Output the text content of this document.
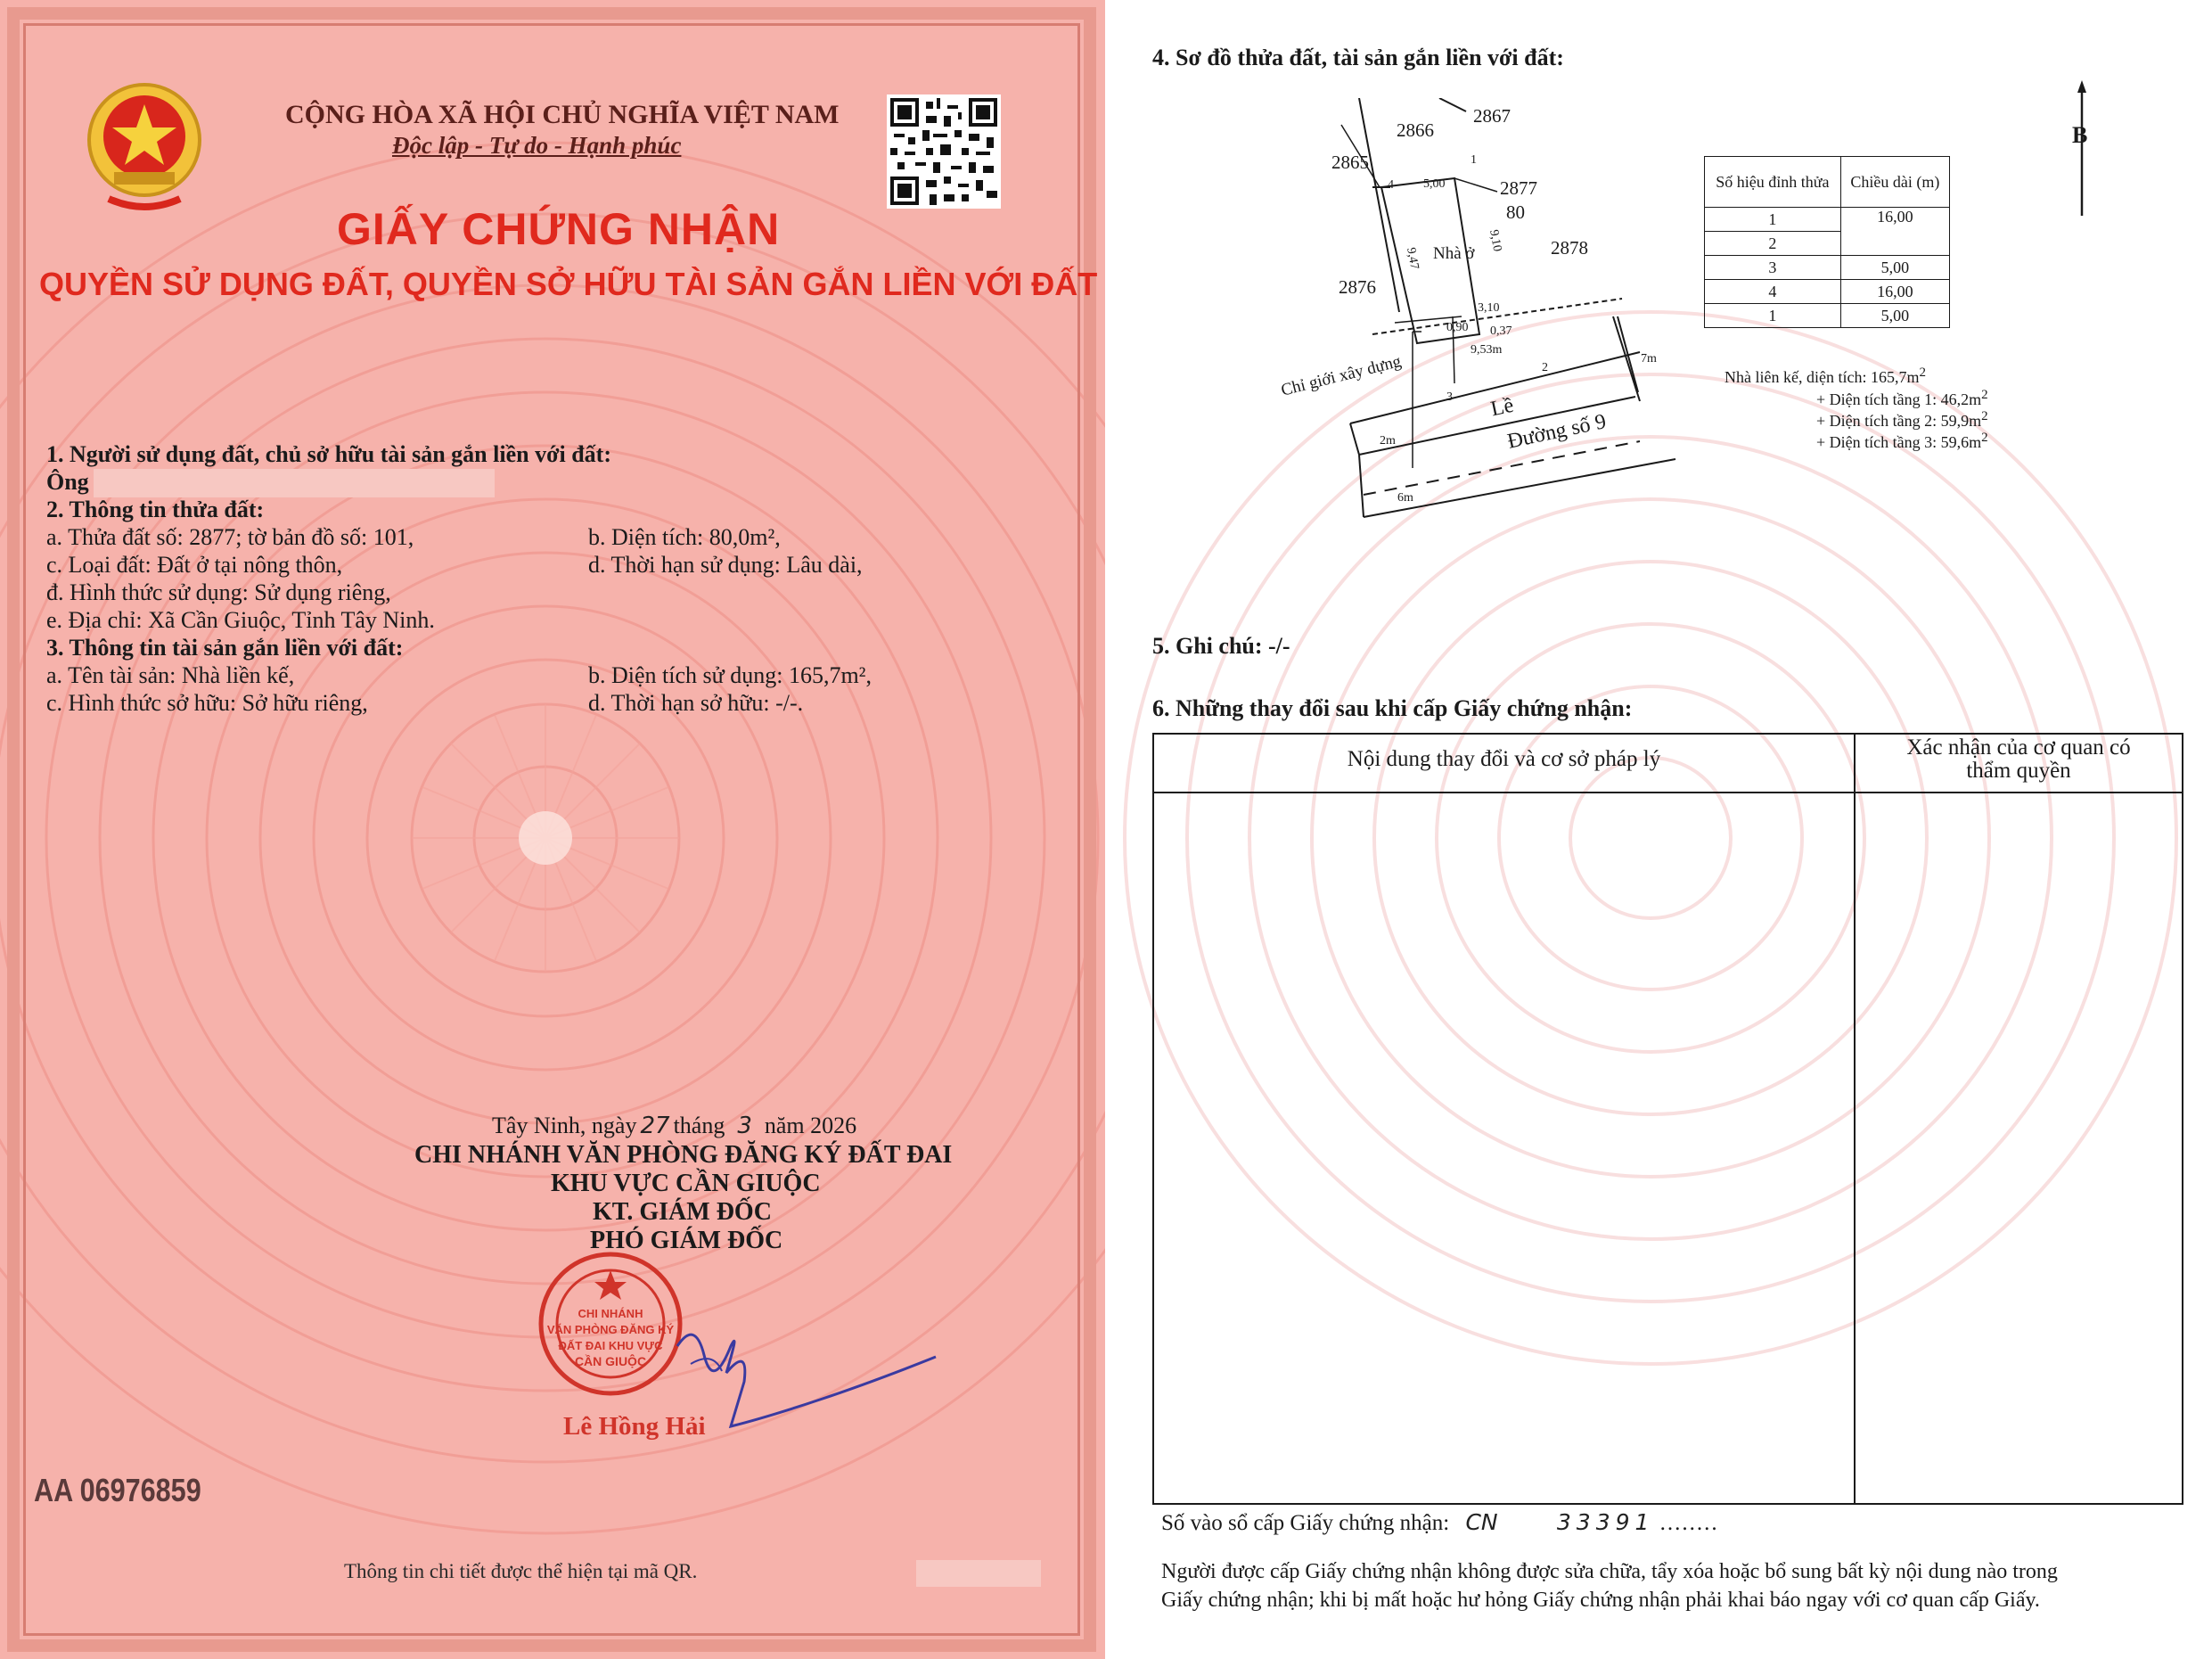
CỘNG HÒA XÃ HỘI CHỦ NGHĨA VIỆT NAM
Độc lập - Tự do - Hạnh phúc
GIẤY CHỨNG NHẬN
QUYỀN SỬ DỤNG ĐẤT, QUYỀN SỞ HỮU TÀI SẢN GẮN LIỀN VỚI ĐẤT
1. Người sử dụng đất, chủ sở hữu tài sản gắn liền với đất:
Ông
2. Thông tin thửa đất:
a. Thửa đất số: 2877; tờ bản đồ số: 101,	b. Diện tích: 80,0m²,
c. Loại đất: Đất ở tại nông thôn,	d. Thời hạn sử dụng: Lâu dài,
đ. Hình thức sử dụng: Sử dụng riêng,
e. Địa chỉ: Xã Cần Giuộc, Tỉnh Tây Ninh.
3. Thông tin tài sản gắn liền với đất:
a. Tên tài sản: Nhà liền kế,	b. Diện tích sử dụng: 165,7m²,
c. Hình thức sở hữu: Sở hữu riêng,	d. Thời hạn sở hữu: -/-.
Tây Ninh, ngày 27 tháng 3 năm 2026
CHI NHÁNH VĂN PHÒNG ĐĂNG KÝ ĐẤT ĐAI
KHU VỰC CẦN GIUỘC
KT. GIÁM ĐỐC
PHÓ GIÁM ĐỐC
CHI NHÁNH
VĂN PHÒNG ĐĂNG KÝ
ĐẤT ĐAI KHU VỰC
CẦN GIUỘC
Lê Hồng Hải
AA 06976859
Thông tin chi tiết được thể hiện tại mã QR.
4. Sơ đồ thửa đất, tài sản gắn liền với đất:
B
2866
2867
2865
2877
80
2878
2876
Nhà ở
5,00
9,10
9,47
3,10
0,37
0,90
9,53m
7m
2m
6m
4
1
2
3
Chỉ giới xây dựng
Lề
Đường số 9
Số hiệu đỉnh thửa	Chiều dài (m)
1	16,00
2	
3	5,00
4	16,00
1	5,00
Nhà liên kế, diện tích: $165,7m^2$
+ Diện tích tầng 1: $46,2m^2$
+ Diện tích tầng 2: $59,9m^2$
+ Diện tích tầng 3: $59,6m^2$
5. Ghi chú: -/-
6. Những thay đổi sau khi cấp Giấy chứng nhận:
Nội dung thay đổi và cơ sở pháp lý	Xác nhận của cơ quan có thẩm quyền
Số vào sổ cấp Giấy chứng nhận: CN	33391 ........
Người được cấp Giấy chứng nhận không được sửa chữa, tẩy xóa hoặc bổ sung bất kỳ nội dung nào trong
Giấy chứng nhận; khi bị mất hoặc hư hỏng Giấy chứng nhận phải khai báo ngay với cơ quan cấp Giấy.
